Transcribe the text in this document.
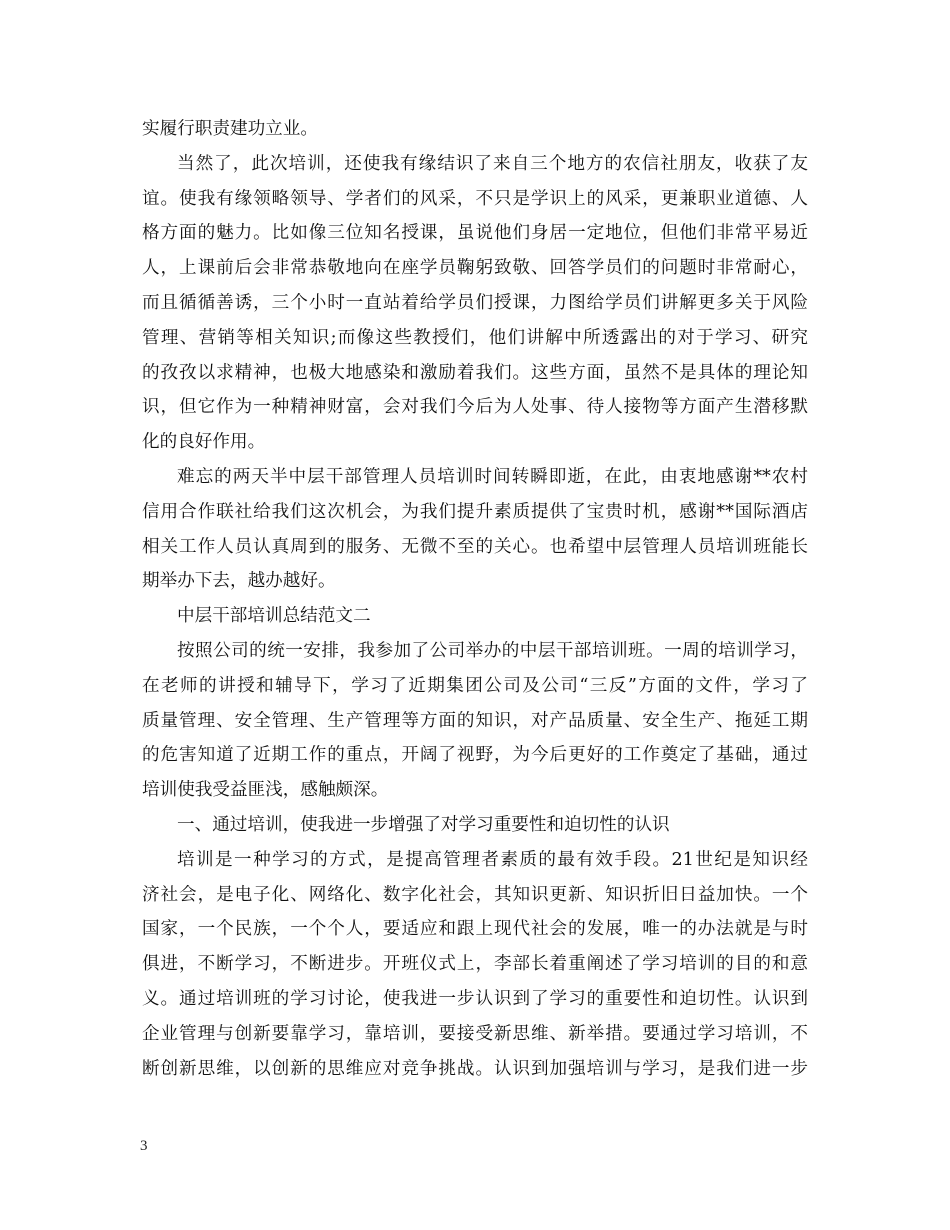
实履行职责建功立业。
当然了，此次培训，还使我有缘结识了来自三个地方的农信社朋友，收获了友
谊。使我有缘领略领导、学者们的风采，不只是学识上的风采，更兼职业道德、人
格方面的魅力。比如像三位知名授课，虽说他们身居一定地位，但他们非常平易近
人，上课前后会非常恭敬地向在座学员鞠躬致敬、回答学员们的问题时非常耐心，
而且循循善诱，三个小时一直站着给学员们授课，力图给学员们讲解更多关于风险
管理、营销等相关知识;而像这些教授们，他们讲解中所透露出的对于学习、研究
的孜孜以求精神，也极大地感染和激励着我们。这些方面，虽然不是具体的理论知
识，但它作为一种精神财富，会对我们今后为人处事、待人接物等方面产生潜移默
化的良好作用。
难忘的两天半中层干部管理人员培训时间转瞬即逝，在此，由衷地感谢**农村
信用合作联社给我们这次机会，为我们提升素质提供了宝贵时机，感谢**国际酒店
相关工作人员认真周到的服务、无微不至的关心。也希望中层管理人员培训班能长
期举办下去，越办越好。
中层干部培训总结范文二
按照公司的统一安排，我参加了公司举办的中层干部培训班。一周的培训学习，
在老师的讲授和辅导下，学习了近期集团公司及公司“三反”方面的文件，学习了
质量管理、安全管理、生产管理等方面的知识，对产品质量、安全生产、拖延工期
的危害知道了近期工作的重点，开阔了视野，为今后更好的工作奠定了基础，通过
培训使我受益匪浅，感触颇深。
一、通过培训，使我进一步增强了对学习重要性和迫切性的认识
培训是一种学习的方式，是提高管理者素质的最有效手段。21世纪是知识经
济社会，是电子化、网络化、数字化社会，其知识更新、知识折旧日益加快。一个
国家，一个民族，一个个人，要适应和跟上现代社会的发展，唯一的办法就是与时
俱进，不断学习，不断进步。开班仪式上，李部长着重阐述了学习培训的目的和意
义。通过培训班的学习讨论，使我进一步认识到了学习的重要性和迫切性。认识到
企业管理与创新要靠学习，靠培训，要接受新思维、新举措。要通过学习培训，不
断创新思维，以创新的思维应对竞争挑战。认识到加强培训与学习，是我们进一步
3
